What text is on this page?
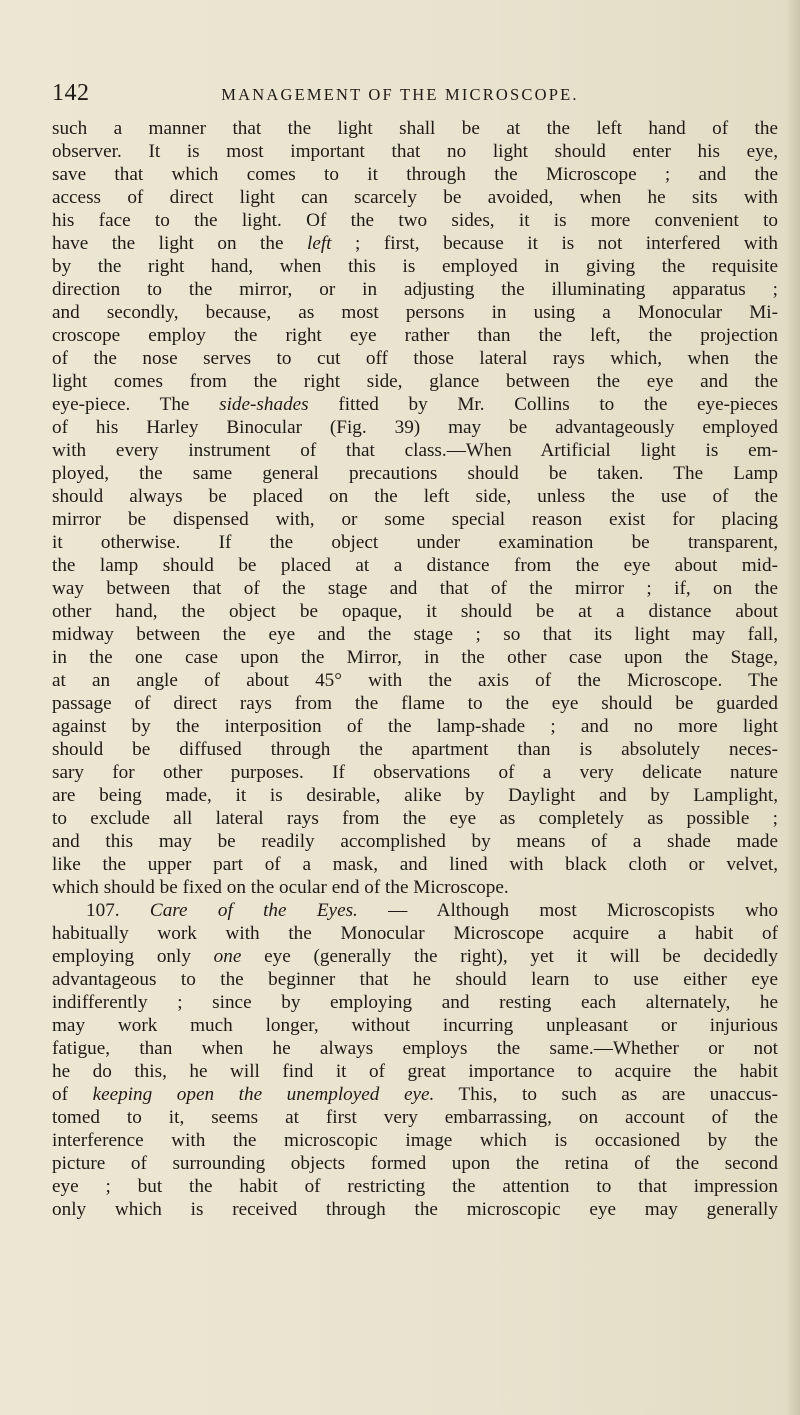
142	MANAGEMENT OF THE MICROSCOPE.
such a manner that the light shall be at the left hand of the
observer. It is most important that no light should enter his eye,
save that which comes to it through the Microscope ; and the
access of direct light can scarcely be avoided, when he sits with
his face to the light. Of the two sides, it is more convenient to
have the light on the left ; first, because it is not interfered with
by the right hand, when this is employed in giving the requisite
direction to the mirror, or in adjusting the illuminating apparatus ;
and secondly, because, as most persons in using a Monocular Mi-
croscope employ the right eye rather than the left, the projection
of the nose serves to cut off those lateral rays which, when the
light comes from the right side, glance between the eye and the
eye-piece. The side-shades fitted by Mr. Collins to the eye-pieces
of his Harley Binocular (Fig. 39) may be advantageously employed
with every instrument of that class.—When Artificial light is em-
ployed, the same general precautions should be taken. The Lamp
should always be placed on the left side, unless the use of the
mirror be dispensed with, or some special reason exist for placing
it otherwise. If the object under examination be transparent,
the lamp should be placed at a distance from the eye about mid-
way between that of the stage and that of the mirror ; if, on the
other hand, the object be opaque, it should be at a distance about
midway between the eye and the stage ; so that its light may fall,
in the one case upon the Mirror, in the other case upon the Stage,
at an angle of about 45° with the axis of the Microscope. The
passage of direct rays from the flame to the eye should be guarded
against by the interposition of the lamp-shade ; and no more light
should be diffused through the apartment than is absolutely neces-
sary for other purposes. If observations of a very delicate nature
are being made, it is desirable, alike by Daylight and by Lamplight,
to exclude all lateral rays from the eye as completely as possible ;
and this may be readily accomplished by means of a shade made
like the upper part of a mask, and lined with black cloth or velvet,
which should be fixed on the ocular end of the Microscope.
107. Care of the Eyes. — Although most Microscopists who
habitually work with the Monocular Microscope acquire a habit of
employing only one eye (generally the right), yet it will be decidedly
advantageous to the beginner that he should learn to use either eye
indifferently ; since by employing and resting each alternately, he
may work much longer, without incurring unpleasant or injurious
fatigue, than when he always employs the same.—Whether or not
he do this, he will find it of great importance to acquire the habit
of keeping open the unemployed eye. This, to such as are unaccus-
tomed to it, seems at first very embarrassing, on account of the
interference with the microscopic image which is occasioned by the
picture of surrounding objects formed upon the retina of the second
eye ; but the habit of restricting the attention to that impression
only which is received through the microscopic eye may generally
